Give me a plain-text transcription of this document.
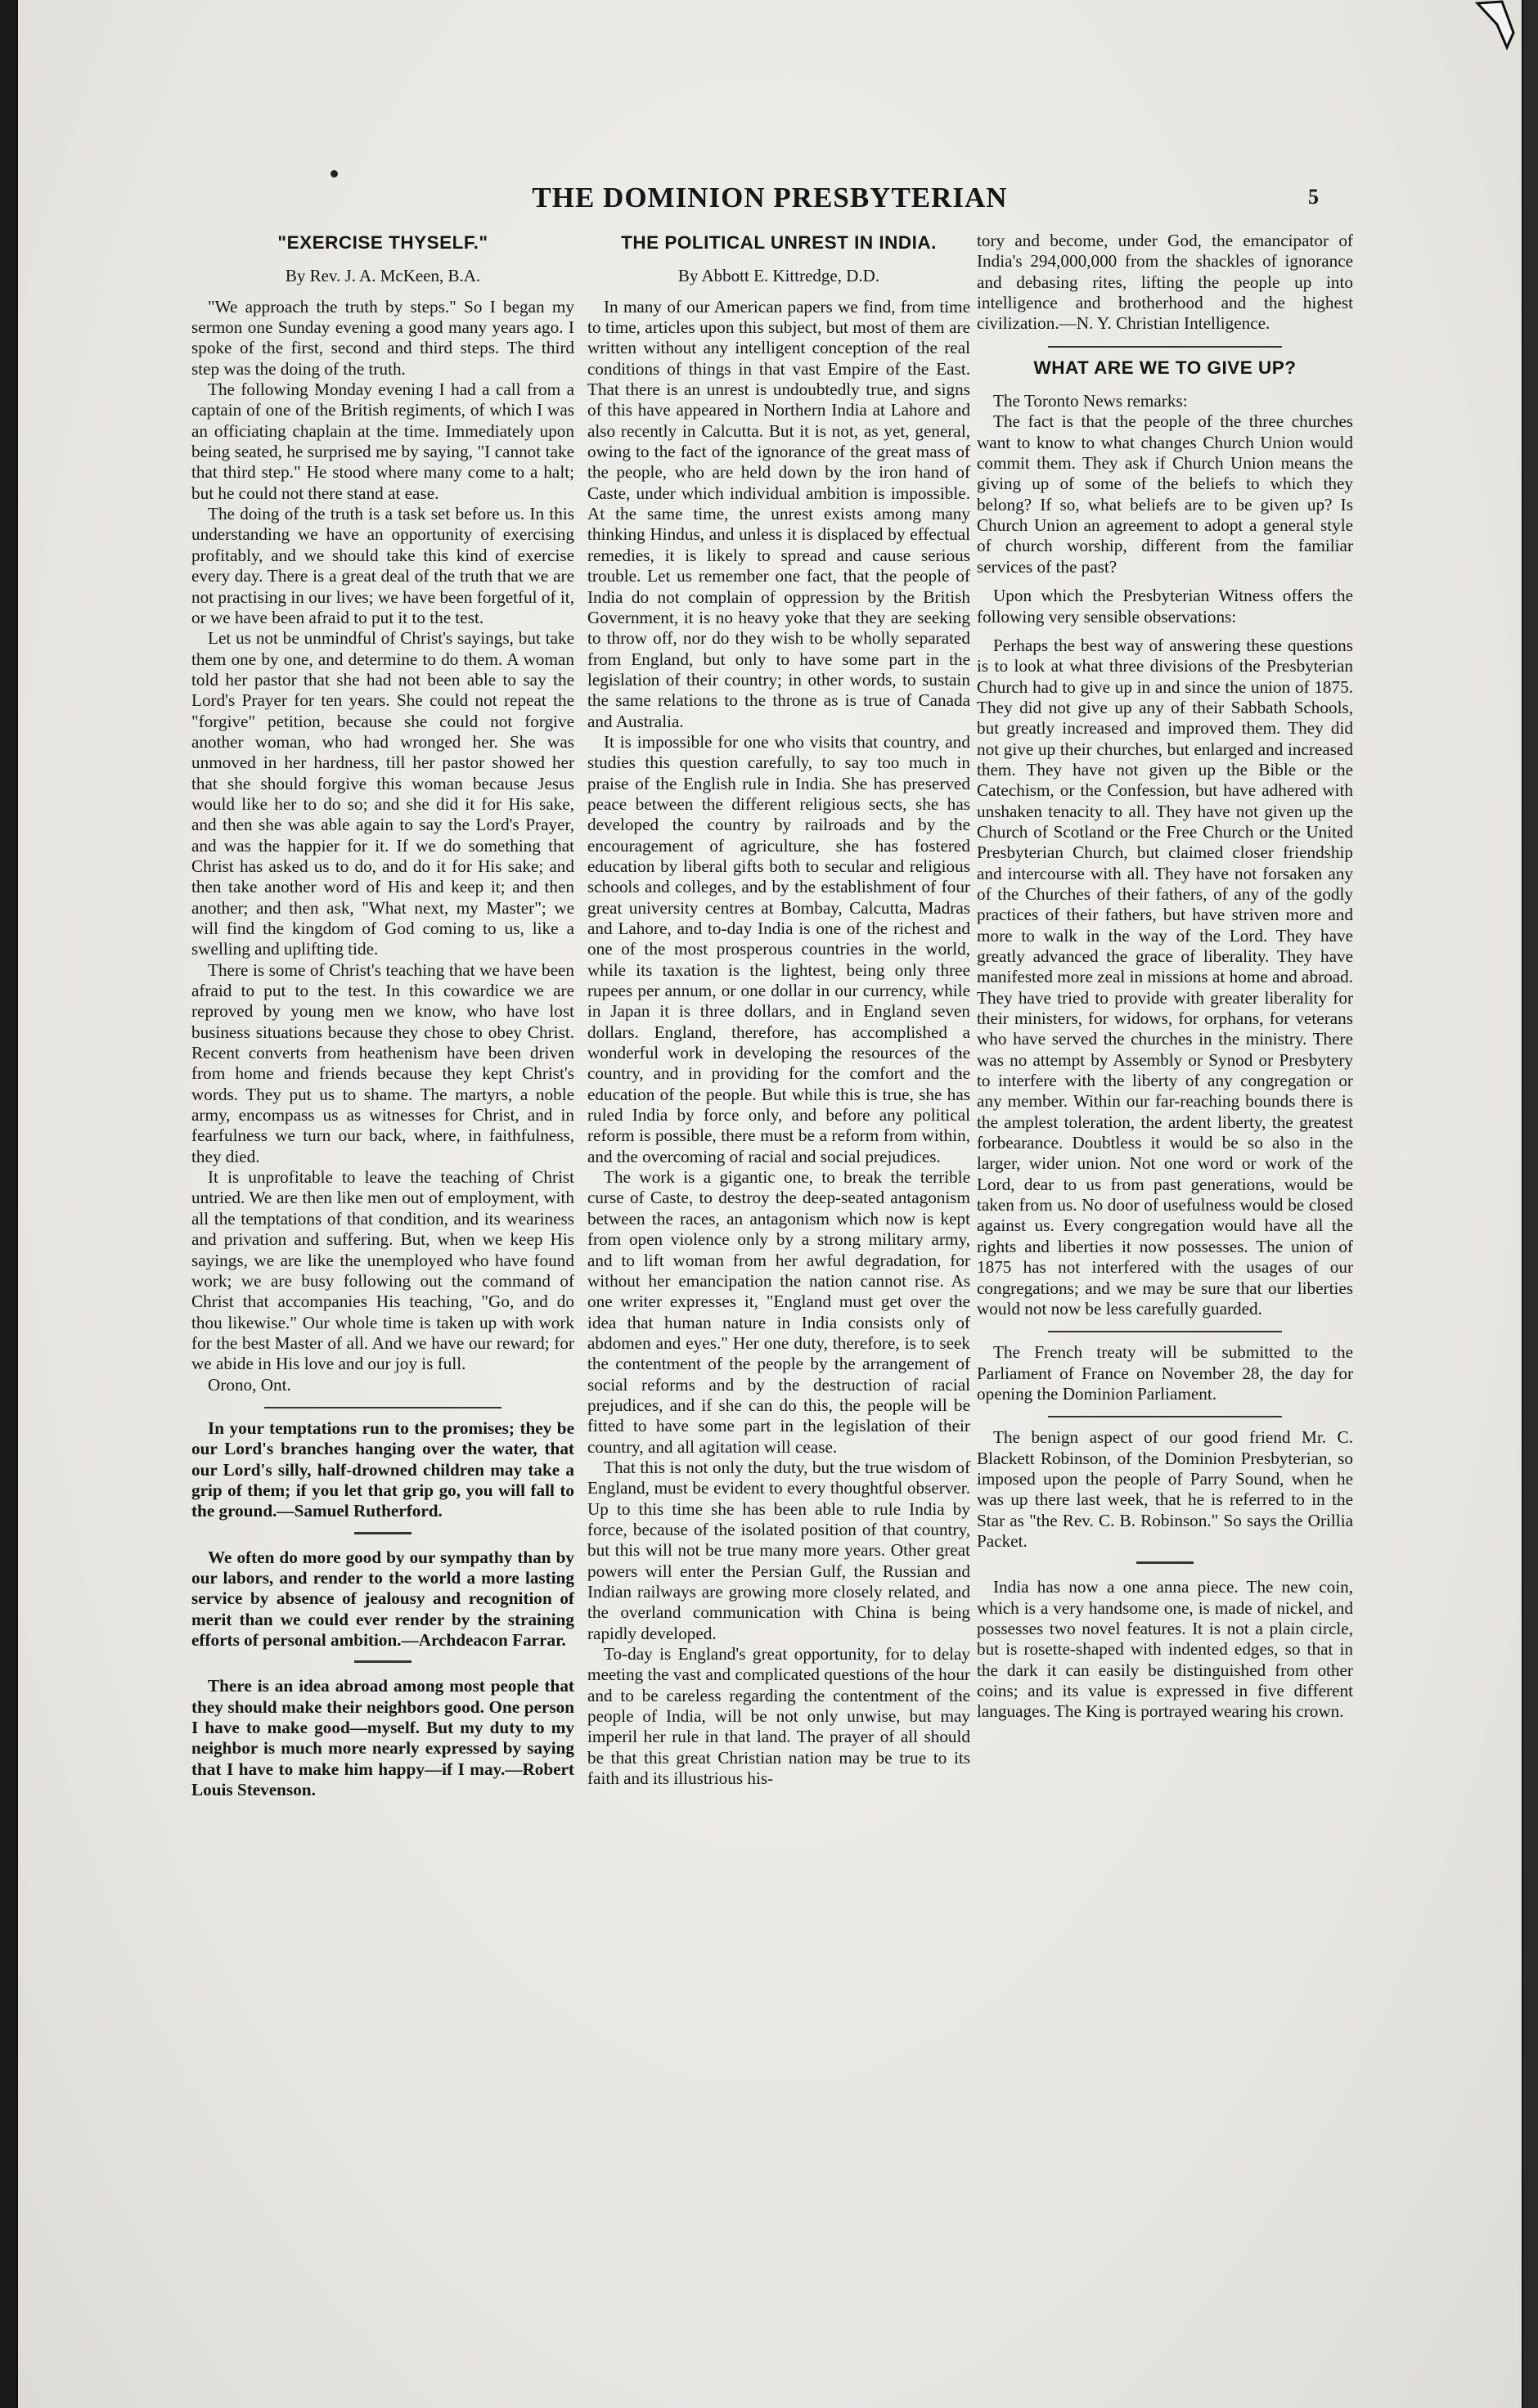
THE DOMINION PRESBYTERIAN	5
"EXERCISE THYSELF."
By Rev. J. A. McKeen, B.A.

"We approach the truth by steps." So I began my sermon one Sunday evening a good many years ago. I spoke of the first, second and third steps. The third step was the doing of the truth.

The following Monday evening I had a call from a captain of one of the British regiments, of which I was an officiating chaplain at the time. Immediately upon being seated, he surprised me by saying, "I cannot take that third step." He stood where many come to a halt; but he could not there stand at ease.

The doing of the truth is a task set before us. In this understanding we have an opportunity of exercising profitably, and we should take this kind of exercise every day. There is a great deal of the truth that we are not practising in our lives; we have been forgetful of it, or we have been afraid to put it to the test.

Let us not be unmindful of Christ's sayings, but take them one by one, and determine to do them. A woman told her pastor that she had not been able to say the Lord's Prayer for ten years. She could not repeat the "forgive" petition, because she could not forgive another woman, who had wronged her. She was unmoved in her hardness, till her pastor showed her that she should forgive this woman because Jesus would like her to do so; and she did it for His sake, and then she was able again to say the Lord's Prayer, and was the happier for it. If we do something that Christ has asked us to do, and do it for His sake; and then take another word of His and keep it; and then another; and then ask, "What next, my Master"; we will find the kingdom of God coming to us, like a swelling and uplifting tide.

There is some of Christ's teaching that we have been afraid to put to the test. In this cowardice we are reproved by young men we know, who have lost business situations because they chose to obey Christ. Recent converts from heathenism have been driven from home and friends because they kept Christ's words. They put us to shame. The martyrs, a noble army, encompass us as witnesses for Christ, and in fearfulness we turn our back, where, in faithfulness, they died.

It is unprofitable to leave the teaching of Christ untried. We are then like men out of employment, with all the temptations of that condition, and its weariness and privation and suffering. But, when we keep His sayings, we are like the unemployed who have found work; we are busy following out the command of Christ that accompanies His teaching, "Go, and do thou likewise." Our whole time is taken up with work for the best Master of all. And we have our reward; for we abide in His love and our joy is full.

Orono, Ont.

In your temptations run to the promises; they be our Lord's branches hanging over the water, that our Lord's silly, half-drowned children may take a grip of them; if you let that grip go, you will fall to the ground.—Samuel Rutherford.

We often do more good by our sympathy than by our labors, and render to the world a more lasting service by absence of jealousy and recognition of merit than we could ever render by the straining efforts of personal ambition.—Archdeacon Farrar.

There is an idea abroad among most people that they should make their neighbors good. One person I have to make good—myself. But my duty to my neighbor is much more nearly expressed by saying that I have to make him happy—if I may.—Robert Louis Stevenson.

THE POLITICAL UNREST IN INDIA.
By Abbott E. Kittredge, D.D.

In many of our American papers we find, from time to time, articles upon this subject, but most of them are written without any intelligent conception of the real conditions of things in that vast Empire of the East. That there is an unrest is undoubtedly true, and signs of this have appeared in Northern India at Lahore and also recently in Calcutta. But it is not, as yet, general, owing to the fact of the ignorance of the great mass of the people, who are held down by the iron hand of Caste, under which individual ambition is impossible. At the same time, the unrest exists among many thinking Hindus, and unless it is displaced by effectual remedies, it is likely to spread and cause serious trouble. Let us remember one fact, that the people of India do not complain of oppression by the British Government, it is no heavy yoke that they are seeking to throw off, nor do they wish to be wholly separated from England, but only to have some part in the legislation of their country; in other words, to sustain the same relations to the throne as is true of Canada and Australia.

It is impossible for one who visits that country, and studies this question carefully, to say too much in praise of the English rule in India. She has preserved peace between the different religious sects, she has developed the country by railroads and by the encouragement of agriculture, she has fostered education by liberal gifts both to secular and religious schools and colleges, and by the establishment of four great university centres at Bombay, Calcutta, Madras and Lahore, and to-day India is one of the richest and one of the most prosperous countries in the world, while its taxation is the lightest, being only three rupees per annum, or one dollar in our currency, while in Japan it is three dollars, and in England seven dollars. England, therefore, has accomplished a wonderful work in developing the resources of the country, and in providing for the comfort and the education of the people. But while this is true, she has ruled India by force only, and before any political reform is possible, there must be a reform from within, and the overcoming of racial and social prejudices.

The work is a gigantic one, to break the terrible curse of Caste, to destroy the deep-seated antagonism between the races, an antagonism which now is kept from open violence only by a strong military army, and to lift woman from her awful degradation, for without her emancipation the nation cannot rise. As one writer expresses it, "England must get over the idea that human nature in India consists only of abdomen and eyes." Her one duty, therefore, is to seek the contentment of the people by the arrangement of social reforms and by the destruction of racial prejudices, and if she can do this, the people will be fitted to have some part in the legislation of their country, and all agitation will cease.

That this is not only the duty, but the true wisdom of England, must be evident to every thoughtful observer. Up to this time she has been able to rule India by force, because of the isolated position of that country, but this will not be true many more years. Other great powers will enter the Persian Gulf, the Russian and Indian railways are growing more closely related, and the overland communication with China is being rapidly developed.

To-day is England's great opportunity, for to delay meeting the vast and complicated questions of the hour and to be careless regarding the contentment of the people of India, will be not only unwise, but may imperil her rule in that land. The prayer of all should be that this great Christian nation may be true to its faith and its illustrious his-

tory and become, under God, the emancipator of India's 294,000,000 from the shackles of ignorance and debasing rites, lifting the people up into intelligence and brotherhood and the highest civilization.—N. Y. Christian Intelligence.

WHAT ARE WE TO GIVE UP?

The Toronto News remarks:

The fact is that the people of the three churches want to know to what changes Church Union would commit them. They ask if Church Union means the giving up of some of the beliefs to which they belong? If so, what beliefs are to be given up? Is Church Union an agreement to adopt a general style of church worship, different from the familiar services of the past?

Upon which the Presbyterian Witness offers the following very sensible observations:

Perhaps the best way of answering these questions is to look at what three divisions of the Presbyterian Church had to give up in and since the union of 1875. They did not give up any of their Sabbath Schools, but greatly increased and improved them. They did not give up their churches, but enlarged and increased them. They have not given up the Bible or the Catechism, or the Confession, but have adhered with unshaken tenacity to all. They have not given up the Church of Scotland or the Free Church or the United Presbyterian Church, but claimed closer friendship and intercourse with all. They have not forsaken any of the Churches of their fathers, of any of the godly practices of their fathers, but have striven more and more to walk in the way of the Lord. They have greatly advanced the grace of liberality. They have manifested more zeal in missions at home and abroad. They have tried to provide with greater liberality for their ministers, for widows, for orphans, for veterans who have served the churches in the ministry. There was no attempt by Assembly or Synod or Presbytery to interfere with the liberty of any congregation or any member. Within our far-reaching bounds there is the amplest toleration, the ardent liberty, the greatest forbearance. Doubtless it would be so also in the larger, wider union. Not one word or work of the Lord, dear to us from past generations, would be taken from us. No door of usefulness would be closed against us. Every congregation would have all the rights and liberties it now possesses. The union of 1875 has not interfered with the usages of our congregations; and we may be sure that our liberties would not now be less carefully guarded.

The French treaty will be submitted to the Parliament of France on November 28, the day for opening the Dominion Parliament.

The benign aspect of our good friend Mr. C. Blackett Robinson, of the Dominion Presbyterian, so imposed upon the people of Parry Sound, when he was up there last week, that he is referred to in the Star as "the Rev. C. B. Robinson." So says the Orillia Packet.

India has now a one anna piece. The new coin, which is a very handsome one, is made of nickel, and possesses two novel features. It is not a plain circle, but is rosette-shaped with indented edges, so that in the dark it can easily be distinguished from other coins; and its value is expressed in five different languages. The King is portrayed wearing his crown.
